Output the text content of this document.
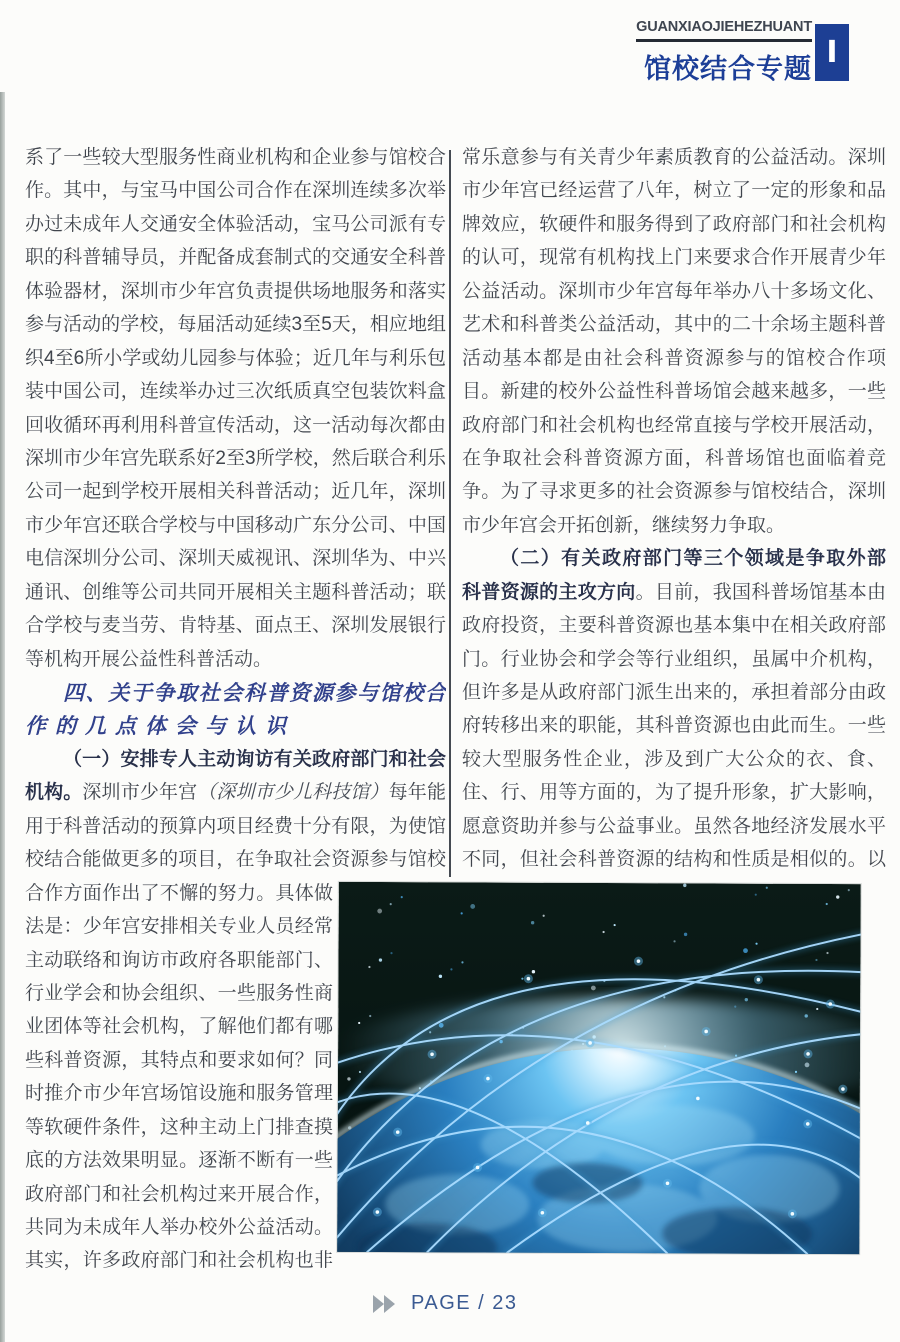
GUANXIAOJIEHEZHUANT
馆校结合专题 I
系了一些较大型服务性商业机构和企业参与馆校合
作。其中，与宝马中国公司合作在深圳连续多次举
办过未成年人交通安全体验活动，宝马公司派有专
职的科普辅导员，并配备成套制式的交通安全科普
体验器材，深圳市少年宫负责提供场地服务和落实
参与活动的学校，每届活动延续3至5天，相应地组
织4至6所小学或幼儿园参与体验；近几年与利乐包
装中国公司，连续举办过三次纸质真空包装饮料盒
回收循环再利用科普宣传活动，这一活动每次都由
深圳市少年宫先联系好2至3所学校，然后联合利乐
公司一起到学校开展相关科普活动；近几年，深圳
市少年宫还联合学校与中国移动广东分公司、中国
电信深圳分公司、深圳天威视讯、深圳华为、中兴
通讯、创维等公司共同开展相关主题科普活动；联
合学校与麦当劳、肯特基、面点王、深圳发展银行
等机构开展公益性科普活动。
四、关于争取社会科普资源参与馆校合
作的几点体会与认识
（一）安排专人主动询访有关政府部门和社会
机构。深圳市少年宫（深圳市少儿科技馆）每年能
用于科普活动的预算内项目经费十分有限，为使馆
校结合能做更多的项目，在争取社会资源参与馆校
合作方面作出了不懈的努力。具体做
法是：少年宫安排相关专业人员经常
主动联络和询访市政府各职能部门、
行业学会和协会组织、一些服务性商
业团体等社会机构，了解他们都有哪
些科普资源，其特点和要求如何？同
时推介市少年宫场馆设施和服务管理
等软硬件条件，这种主动上门排查摸
底的方法效果明显。逐渐不断有一些
政府部门和社会机构过来开展合作，
共同为未成年人举办校外公益活动。
其实，许多政府部门和社会机构也非
常乐意参与有关青少年素质教育的公益活动。深圳
市少年宫已经运营了八年，树立了一定的形象和品
牌效应，软硬件和服务得到了政府部门和社会机构
的认可，现常有机构找上门来要求合作开展青少年
公益活动。深圳市少年宫每年举办八十多场文化、
艺术和科普类公益活动，其中的二十余场主题科普
活动基本都是由社会科普资源参与的馆校合作项
目。新建的校外公益性科普场馆会越来越多，一些
政府部门和社会机构也经常直接与学校开展活动，
在争取社会科普资源方面，科普场馆也面临着竞
争。为了寻求更多的社会资源参与馆校结合，深圳
市少年宫会开拓创新，继续努力争取。
（二）有关政府部门等三个领域是争取外部
科普资源的主攻方向。目前，我国科普场馆基本由
政府投资，主要科普资源也基本集中在相关政府部
门。行业协会和学会等行业组织，虽属中介机构，
但许多是从政府部门派生出来的，承担着部分由政
府转移出来的职能，其科普资源也由此而生。一些
较大型服务性企业，涉及到广大公众的衣、食、
住、行、用等方面的，为了提升形象，扩大影响，
愿意资助并参与公益事业。虽然各地经济发展水平
不同，但社会科普资源的结构和性质是相似的。以
PAGE / 23
